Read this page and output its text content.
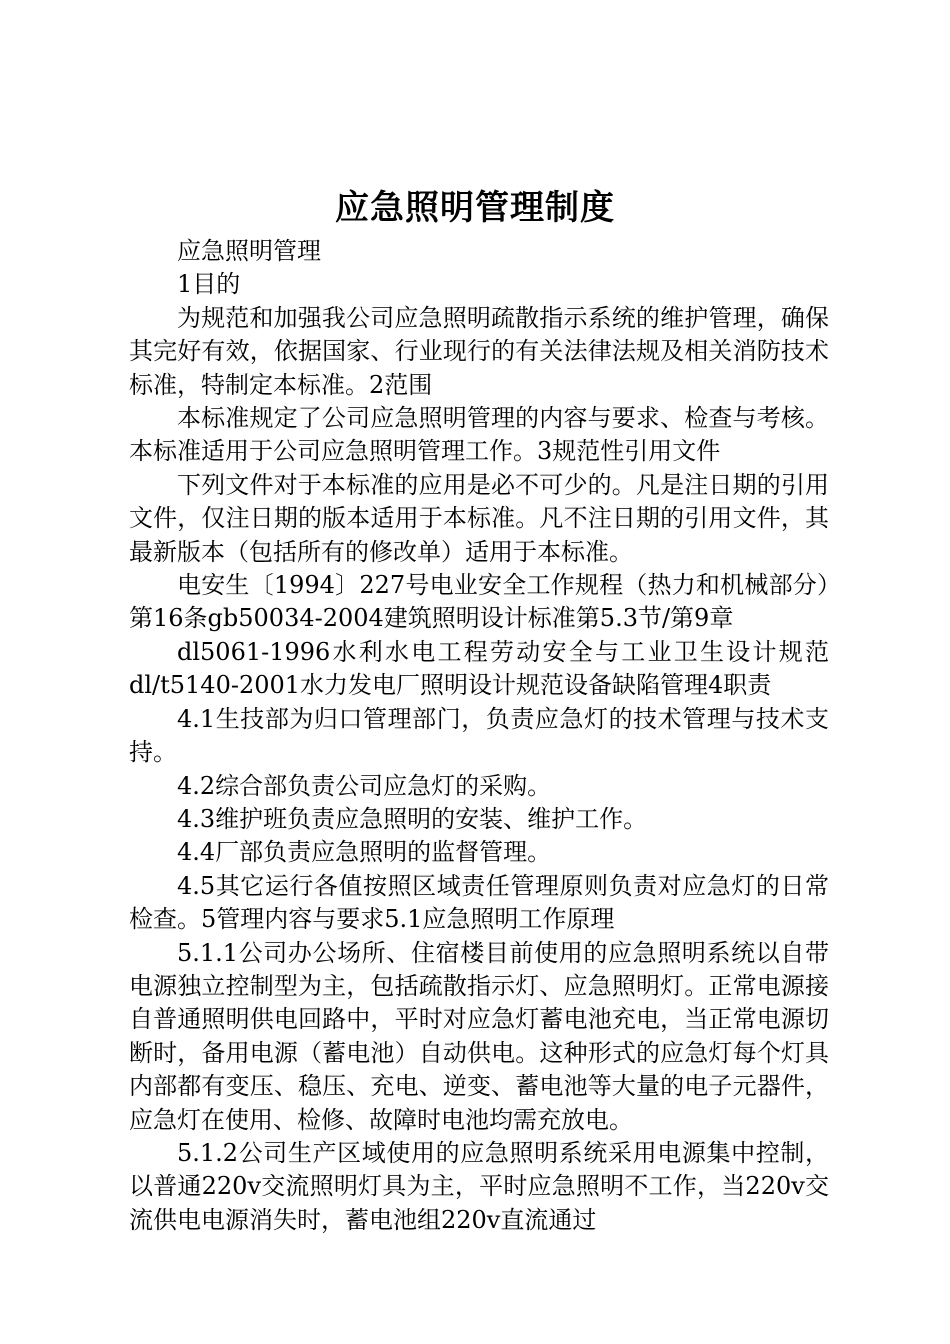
应急照明管理制度

应急照明管理

1目的

为规范和加强我公司应急照明疏散指示系统的维护管理，确保其完好有效，依据国家、行业现行的有关法律法规及相关消防技术标准，特制定本标准。2范围

本标准规定了公司应急照明管理的内容与要求、检查与考核。本标准适用于公司应急照明管理工作。3规范性引用文件

下列文件对于本标准的应用是必不可少的。凡是注日期的引用文件，仅注日期的版本适用于本标准。凡不注日期的引用文件，其最新版本（包括所有的修改单）适用于本标准。

电安生〔1994〕227号电业安全工作规程（热力和机械部分）第16条gb50034-2004建筑照明设计标准第5.3节/第9章

dl5061-1996水利水电工程劳动安全与工业卫生设计规范dl/t5140-2001水力发电厂照明设计规范设备缺陷管理4职责

4.1生技部为归口管理部门，负责应急灯的技术管理与技术支持。

4.2综合部负责公司应急灯的采购。

4.3维护班负责应急照明的安装、维护工作。

4.4厂部负责应急照明的监督管理。

4.5其它运行各值按照区域责任管理原则负责对应急灯的日常检查。5管理内容与要求5.1应急照明工作原理

5.1.1公司办公场所、住宿楼目前使用的应急照明系统以自带电源独立控制型为主，包括疏散指示灯、应急照明灯。正常电源接自普通照明供电回路中，平时对应急灯蓄电池充电，当正常电源切断时，备用电源（蓄电池）自动供电。这种形式的应急灯每个灯具内部都有变压、稳压、充电、逆变、蓄电池等大量的电子元器件，应急灯在使用、检修、故障时电池均需充放电。

5.1.2公司生产区域使用的应急照明系统采用电源集中控制，以普通220v交流照明灯具为主，平时应急照明不工作，当220v交流供电电源消失时，蓄电池组220v直流通过
